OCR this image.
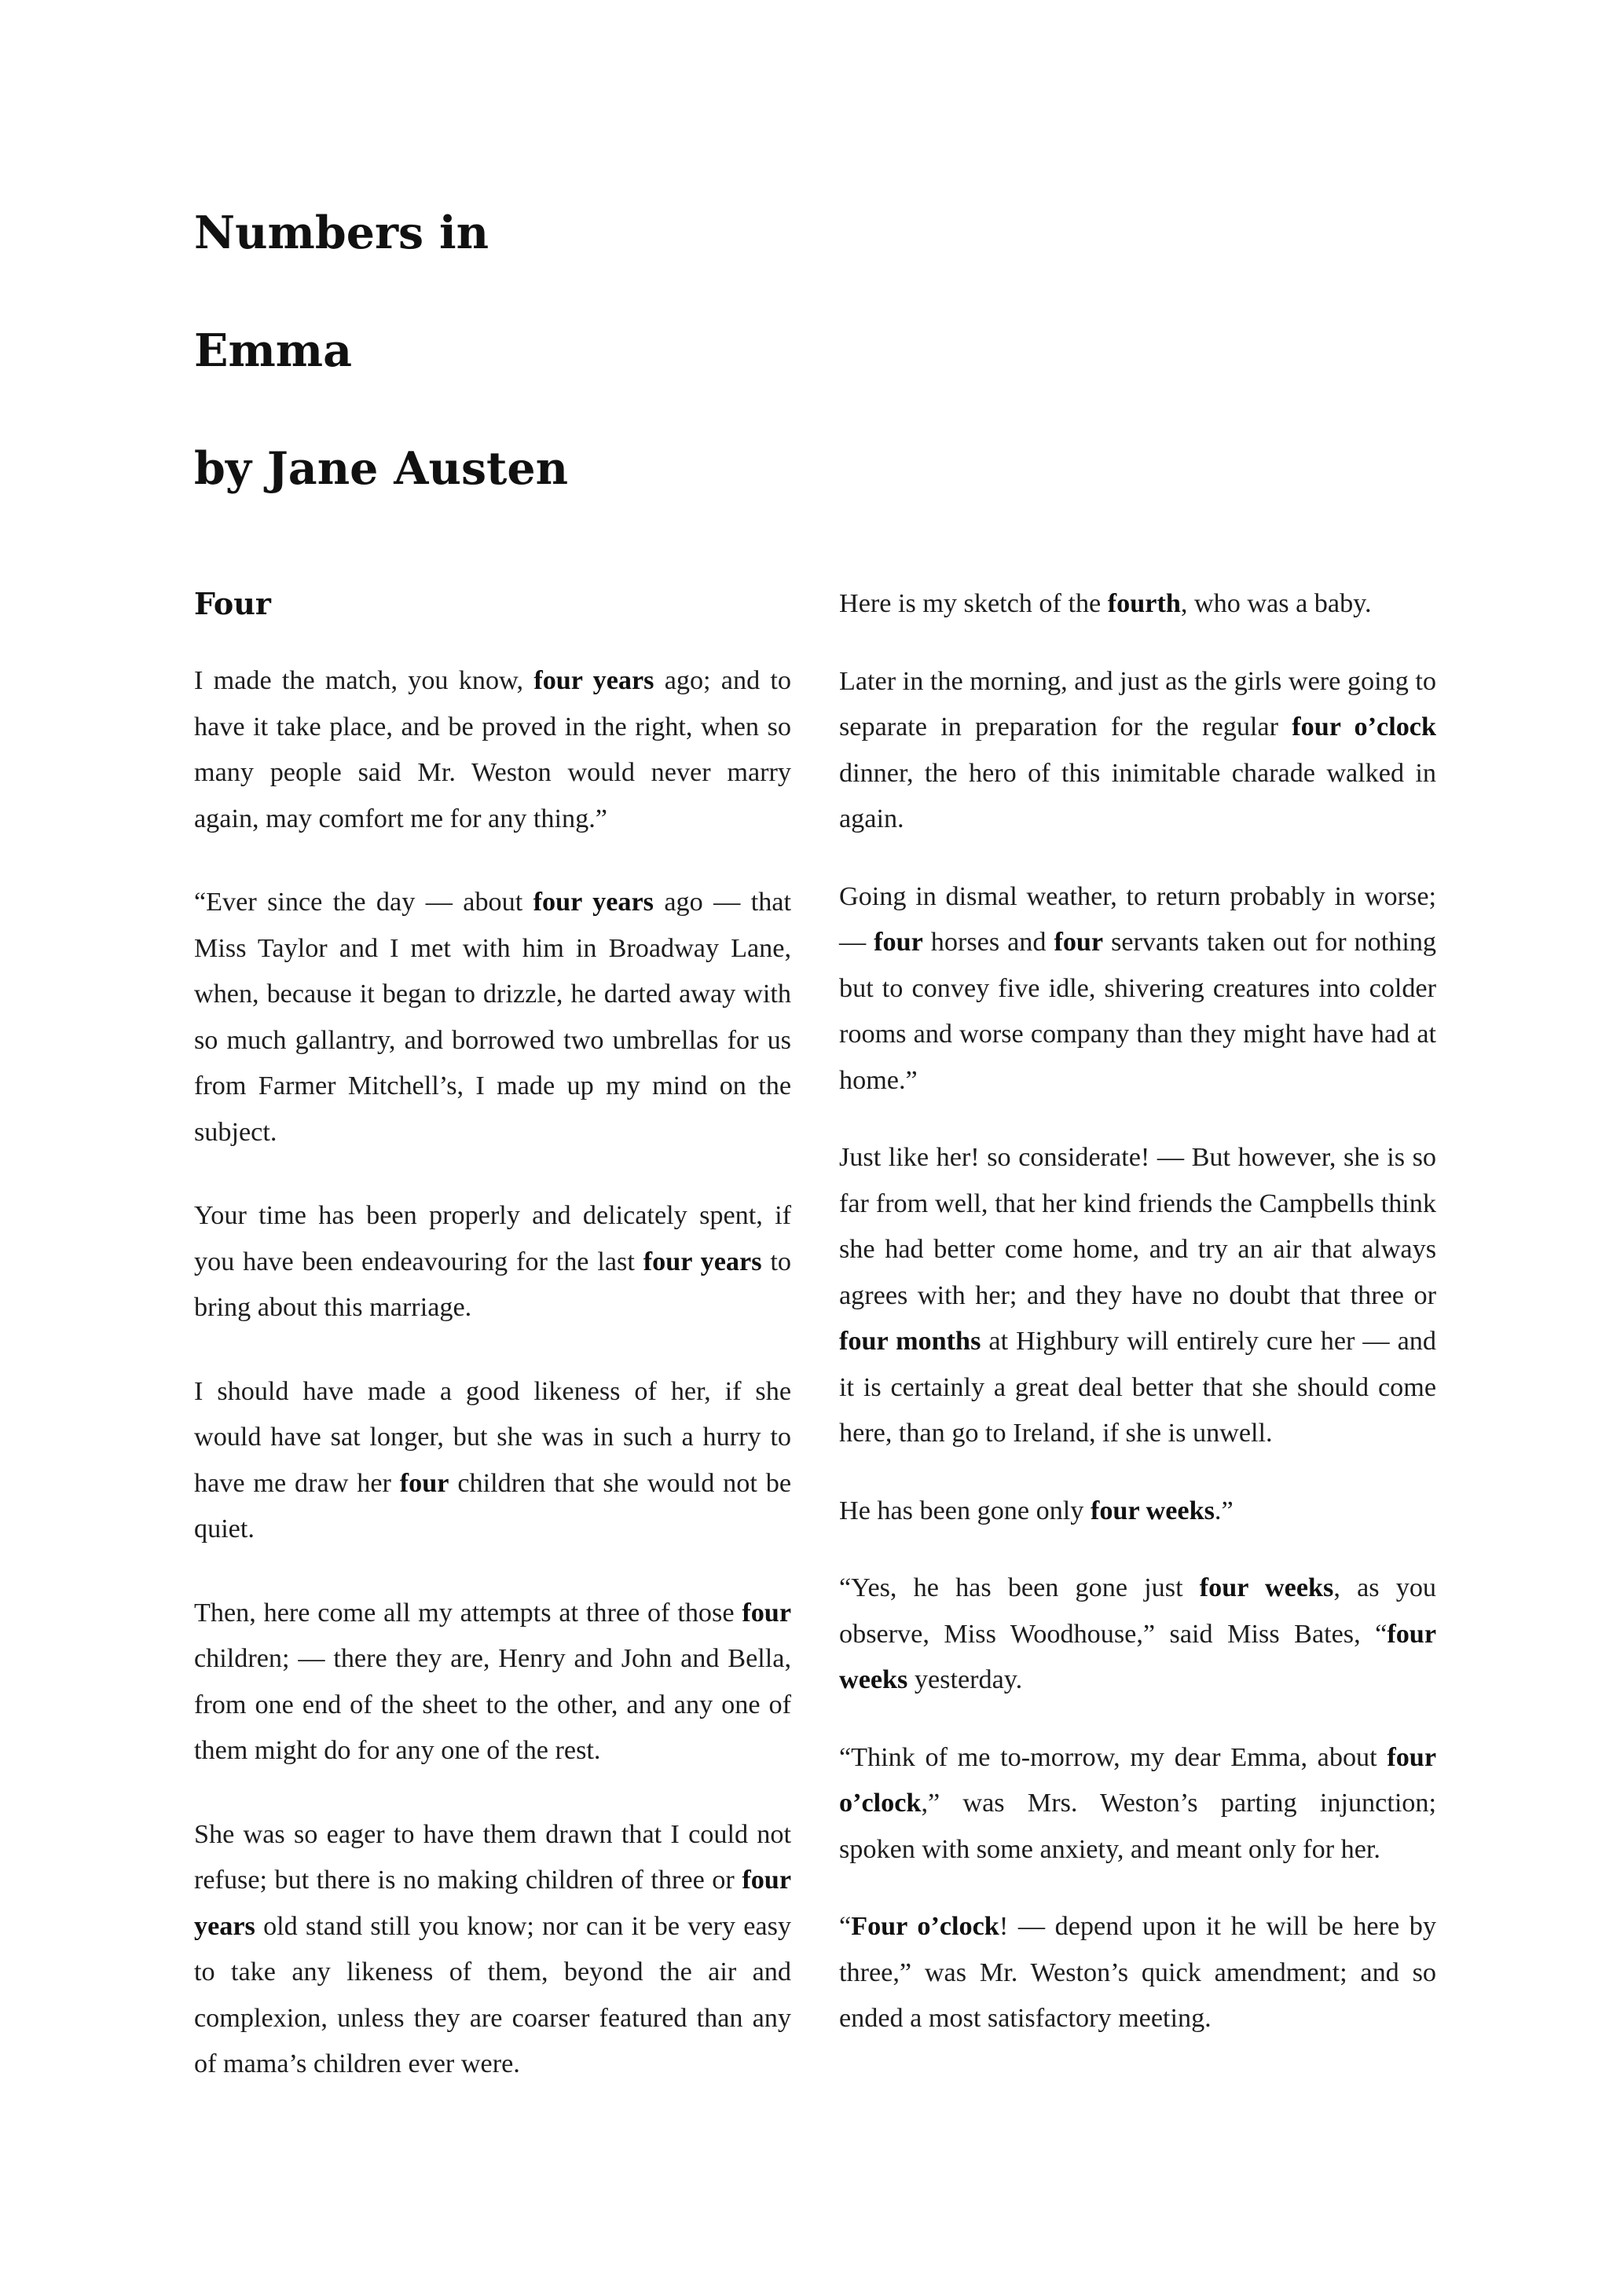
Numbers in
Emma
by Jane Austen
Four

I made the match, you know, four years ago; and to have it take place, and be proved in the right, when so many people said Mr. Weston would never marry again, may comfort me for any thing.”

“Ever since the day — about four years ago — that Miss Taylor and I met with him in Broadway Lane, when, because it began to drizzle, he darted away with so much gallantry, and borrowed two umbrellas for us from Farmer Mitchell’s, I made up my mind on the subject.

Your time has been properly and delicately spent, if you have been endeavouring for the last four years to bring about this marriage.

I should have made a good likeness of her, if she would have sat longer, but she was in such a hurry to have me draw her four children that she would not be quiet.

Then, here come all my attempts at three of those four children; — there they are, Henry and John and Bella, from one end of the sheet to the other, and any one of them might do for any one of the rest.

She was so eager to have them drawn that I could not refuse; but there is no making children of three or four years old stand still you know; nor can it be very easy to take any likeness of them, beyond the air and complexion, unless they are coarser featured than any of mama’s children ever were.

Here is my sketch of the fourth, who was a baby.

Later in the morning, and just as the girls were going to separate in preparation for the regular four o’clock dinner, the hero of this inimitable charade walked in again.

Going in dismal weather, to return probably in worse; — four horses and four servants taken out for nothing but to convey five idle, shivering creatures into colder rooms and worse company than they might have had at home.”

Just like her! so considerate! — But however, she is so far from well, that her kind friends the Campbells think she had better come home, and try an air that always agrees with her; and they have no doubt that three or four months at Highbury will entirely cure her — and it is certainly a great deal better that she should come here, than go to Ireland, if she is unwell.

He has been gone only four weeks.”

“Yes, he has been gone just four weeks, as you observe, Miss Woodhouse,” said Miss Bates, “four weeks yesterday.

“Think of me to-morrow, my dear Emma, about four o’clock,” was Mrs. Weston’s parting injunction; spoken with some anxiety, and meant only for her.

“Four o’clock! — depend upon it he will be here by three,” was Mr. Weston’s quick amendment; and so ended a most satisfactory meeting.
